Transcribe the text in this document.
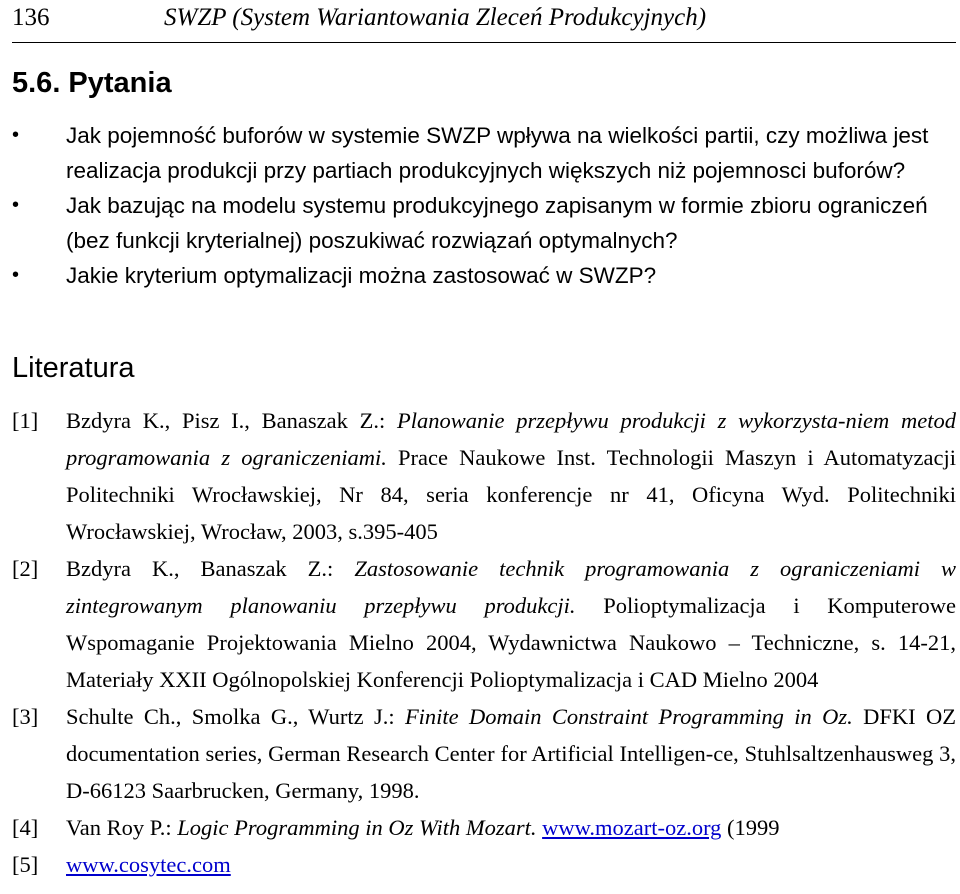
136	SWZP (System Wariantowania Zleceń Produkcyjnych)
5.6. Pytania
• Jak pojemność buforów w systemie SWZP wpływa na wielkości partii, czy możliwa jest realizacja produkcji przy partiach produkcyjnych większych niż pojemnosci buforów?
• Jak bazując na modelu systemu produkcyjnego zapisanym w formie zbioru ograniczeń (bez funkcji kryterialnej) poszukiwać rozwiązań optymalnych?
• Jakie kryterium optymalizacji można zastosować w SWZP?
Literatura
[1] Bzdyra K., Pisz I., Banaszak Z.: Planowanie przepływu produkcji z wykorzysta-niem metod programowania z ograniczeniami. Prace Naukowe Inst. Technologii Maszyn i Automatyzacji Politechniki Wrocławskiej, Nr 84, seria konferencje nr 41, Oficyna Wyd. Politechniki Wrocławskiej, Wrocław, 2003, s.395-405
[2] Bzdyra K., Banaszak Z.: Zastosowanie technik programowania z ograniczeniami w zintegrowanym planowaniu przepływu produkcji. Polioptymalizacja i Komputerowe Wspomaganie Projektowania Mielno 2004, Wydawnictwa Naukowo – Techniczne, s. 14-21, Materiały XXII Ogólnopolskiej Konferencji Polioptymalizacja i CAD Mielno 2004
[3] Schulte Ch., Smolka G., Wurtz J.: Finite Domain Constraint Programming in Oz. DFKI OZ documentation series, German Research Center for Artificial Intelligen-ce, Stuhlsaltzenhausweg 3, D-66123 Saarbrucken, Germany, 1998.
[4] Van Roy P.: Logic Programming in Oz With Mozart. www.mozart-oz.org (1999
[5] www.cosytec.com
